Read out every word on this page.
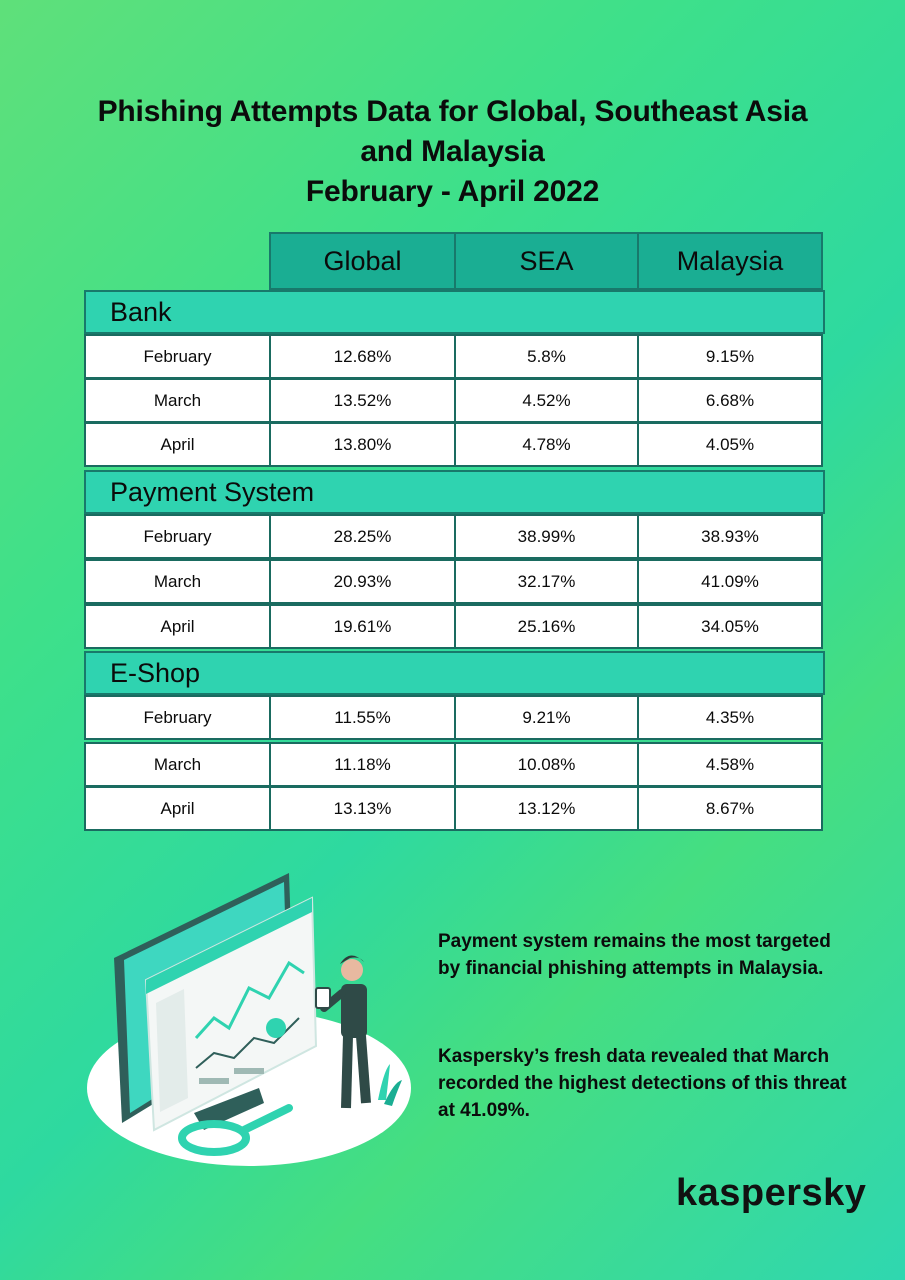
Phishing Attempts Data for Global, Southeast Asia
and Malaysia
February - April 2022
Global	SEA	Malaysia
Bank
February	12.68%	5.8%	9.15%
March	13.52%	4.52%	6.68%
April	13.80%	4.78%	4.05%
Payment System
February	28.25%	38.99%	38.93%
March	20.93%	32.17%	41.09%
April	19.61%	25.16%	34.05%
E-Shop
February	11.55%	9.21%	4.35%
March	11.18%	10.08%	4.58%
April	13.13%	13.12%	8.67%
Payment system remains the most targeted by financial phishing attempts in Malaysia.
Kaspersky’s fresh data revealed that March recorded the highest detections of this threat at 41.09%.
kaspersky
